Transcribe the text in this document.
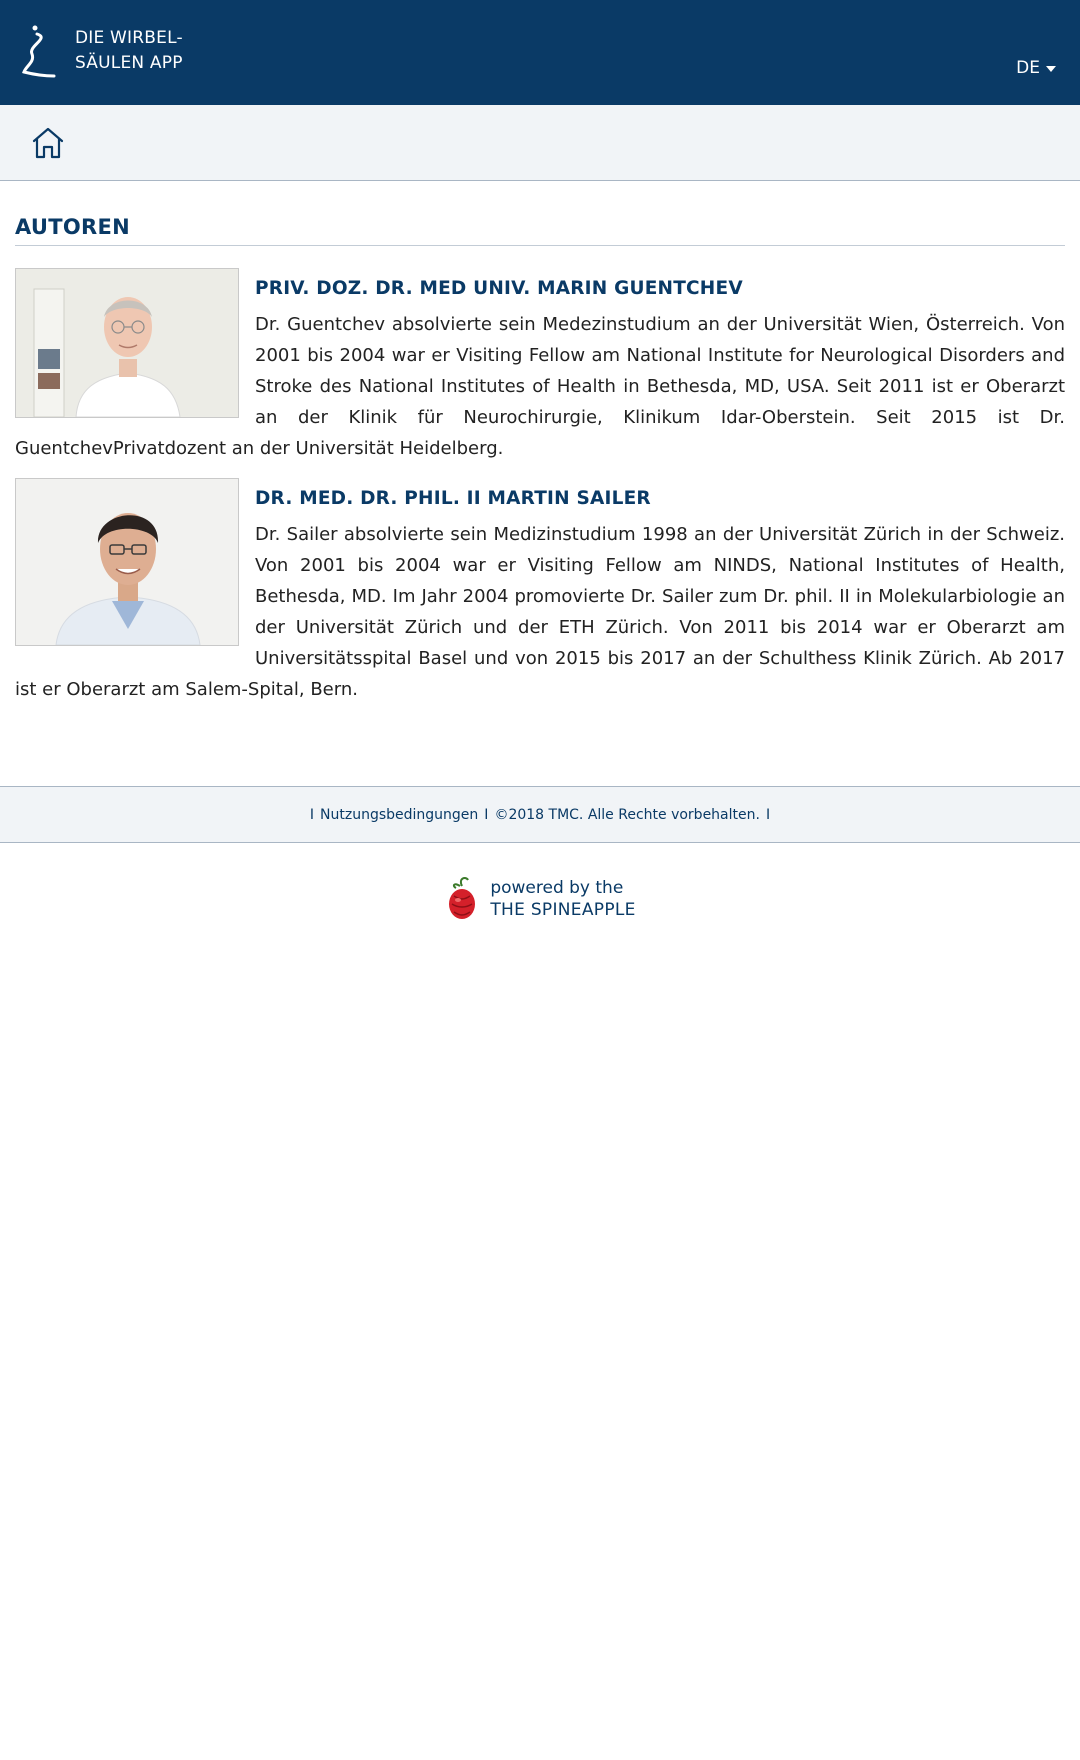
DIE WIRBEL-
SÄULEN APP	DE
AUTOREN
PRIV. DOZ. DR. MED UNIV. MARIN GUENTCHEV

Dr. Guentchev absolvierte sein Medezinstudium an der Universität Wien, Österreich. Von 2001 bis 2004 war er Visiting Fellow am National Institute for Neurological Disorders and Stroke des National Institutes of Health in Bethesda, MD, USA. Seit 2011 ist er Oberarzt an der Klinik für Neurochirurgie, Klinikum Idar-Oberstein. Seit 2015 ist Dr. GuentchevPrivatdozent an der Universität Heidelberg.

DR. MED. DR. PHIL. II MARTIN SAILER

Dr. Sailer absolvierte sein Medizinstudium 1998 an der Universität Zürich in der Schweiz. Von 2001 bis 2004 war er Visiting Fellow am NINDS, National Institutes of Health, Bethesda, MD. Im Jahr 2004 promovierte Dr. Sailer zum Dr. phil. II in Molekularbiologie an der Universität Zürich und der ETH Zürich. Von 2011 bis 2014 war er Oberarzt am Universitätsspital Basel und von 2015 bis 2017 an der Schulthess Klinik Zürich. Ab 2017 ist er Oberarzt am Salem-Spital, Bern.

I Nutzungsbedingungen I ©2018 TMC. Alle Rechte vorbehalten. I
powered by the
THE SPINEAPPLE
